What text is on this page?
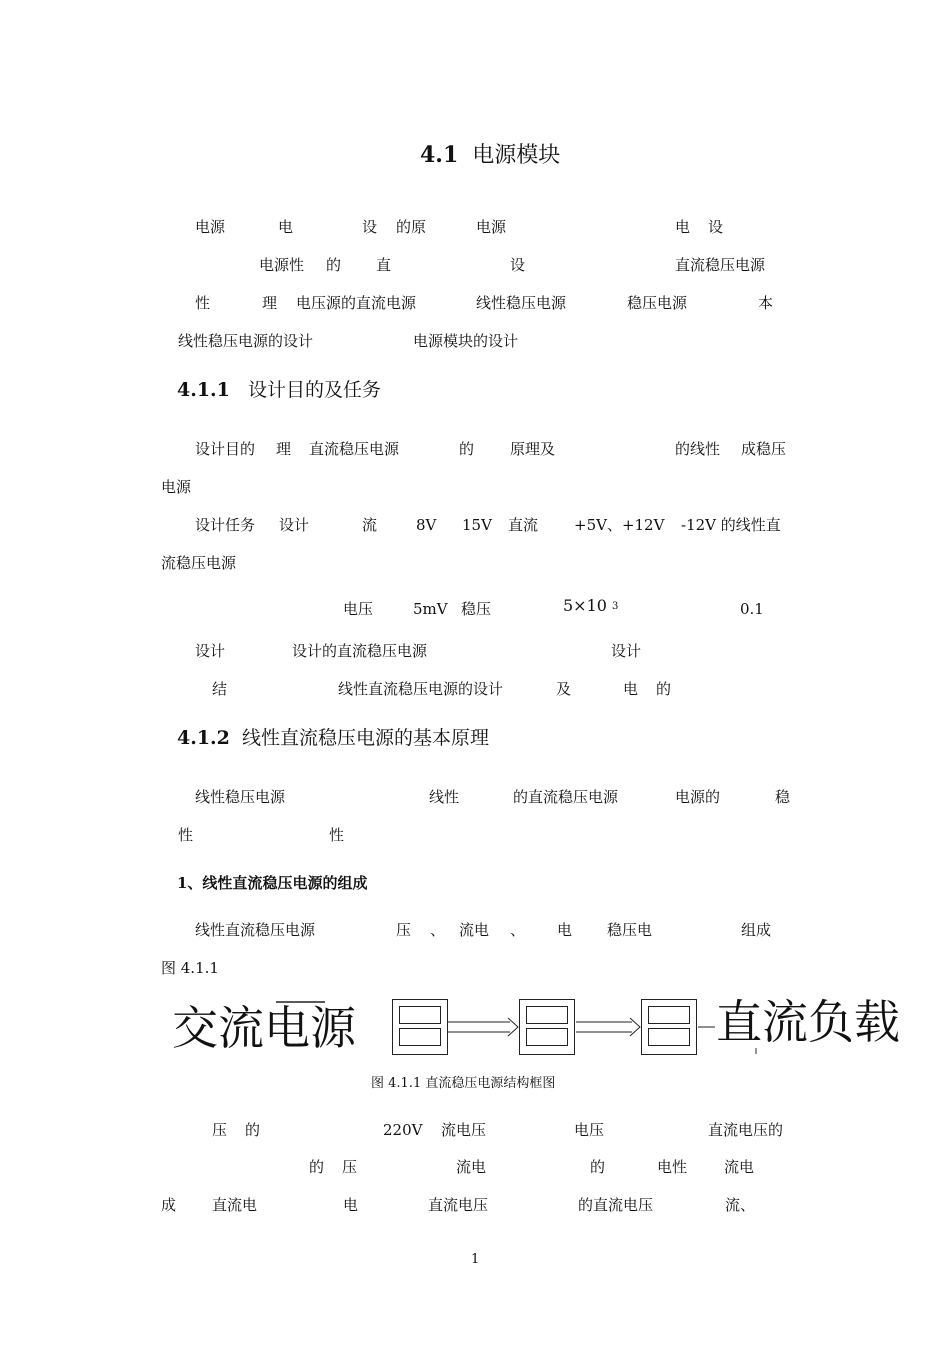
4.1 电源模块
电源	电	设 的原	电源	电 设
电源性 的 直	设	直流稳压电源
性	理 电压源的直流电源	线性稳压电源	稳压电源	本
线性稳压电源的设计	电源模块的设计
4.1.1 设计目的及任务
设计目的 理 直流稳压电源	的 原理及	的线性 成稳压
电源
设计任务 设计	流	8V 15V 直流 +5V、+12V -12V 的线性直
流稳压电源
电压	5mV 稳压	5×10 3	0.1
设计	设计的直流稳压电源	设计
结	线性直流稳压电源的设计	及	电 的
4.1.2 线性直流稳压电源的基本原理
线性稳压电源	线性	的直流稳压电源	电源的	稳
性	性
1、线性直流稳压电源的组成
线性直流稳压电源	压 、 流电 、 电 稳压电	组成
图 4.1.1
交流电源	直流负载
图 4.1.1 直流稳压电源结构框图
压 的	220V 流电压	电压	直流电压的
的 压	流电	的	电性 流电
成 直流电	电	直流电压	的直流电压	流、
1
